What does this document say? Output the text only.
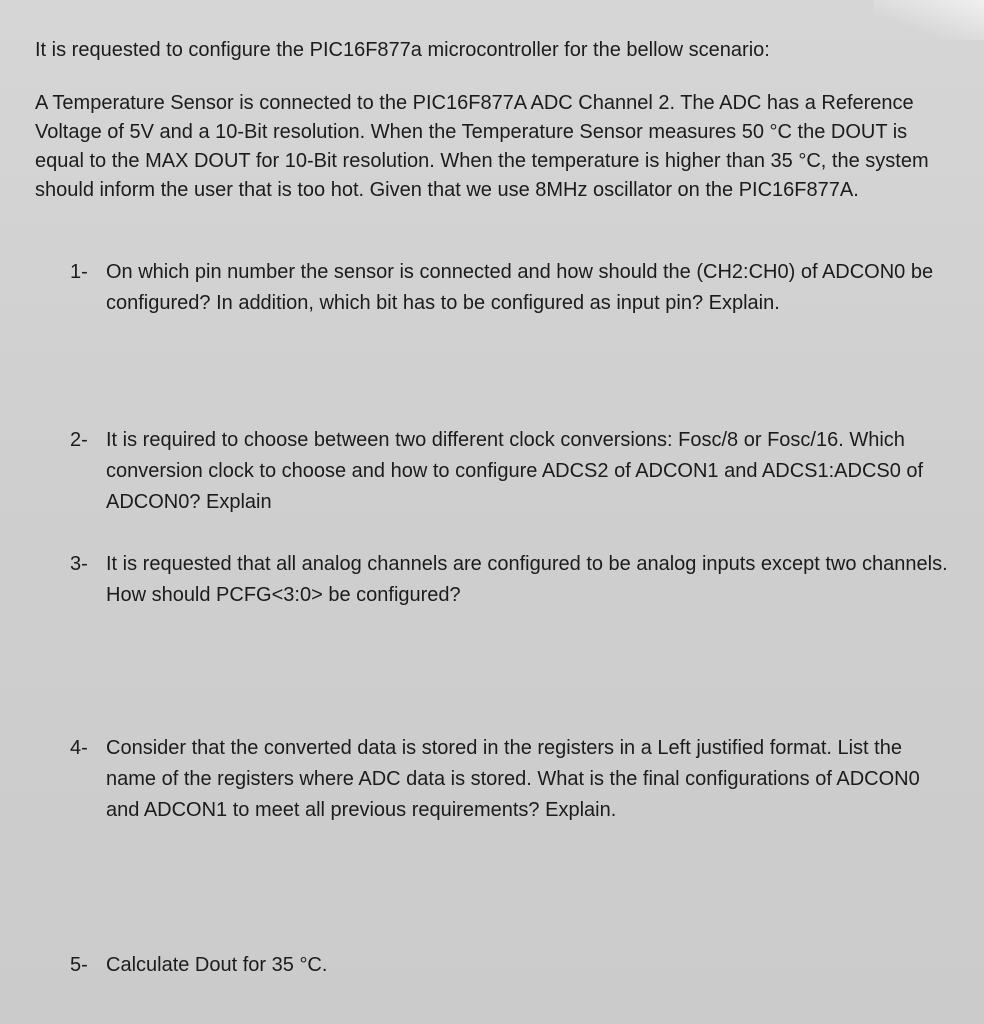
It is requested to configure the PIC16F877a microcontroller for the bellow scenario:

A Temperature Sensor is connected to the PIC16F877A ADC Channel 2. The ADC has a Reference Voltage of 5V and a 10-Bit resolution. When the Temperature Sensor measures 50 °C the DOUT is equal to the MAX DOUT for 10-Bit resolution. When the temperature is higher than 35 °C, the system should inform the user that is too hot. Given that we use 8MHz oscillator on the PIC16F877A.

1- On which pin number the sensor is connected and how should the (CH2:CH0) of ADCON0 be configured? In addition, which bit has to be configured as input pin? Explain.
2- It is required to choose between two different clock conversions: Fosc/8 or Fosc/16. Which conversion clock to choose and how to configure ADCS2 of ADCON1 and ADCS1:ADCS0 of ADCON0? Explain
3- It is requested that all analog channels are configured to be analog inputs except two channels. How should PCFG<3:0> be configured?
4- Consider that the converted data is stored in the registers in a Left justified format. List the name of the registers where ADC data is stored. What is the final configurations of ADCON0 and ADCON1 to meet all previous requirements? Explain.
5- Calculate Dout for 35 °C.
